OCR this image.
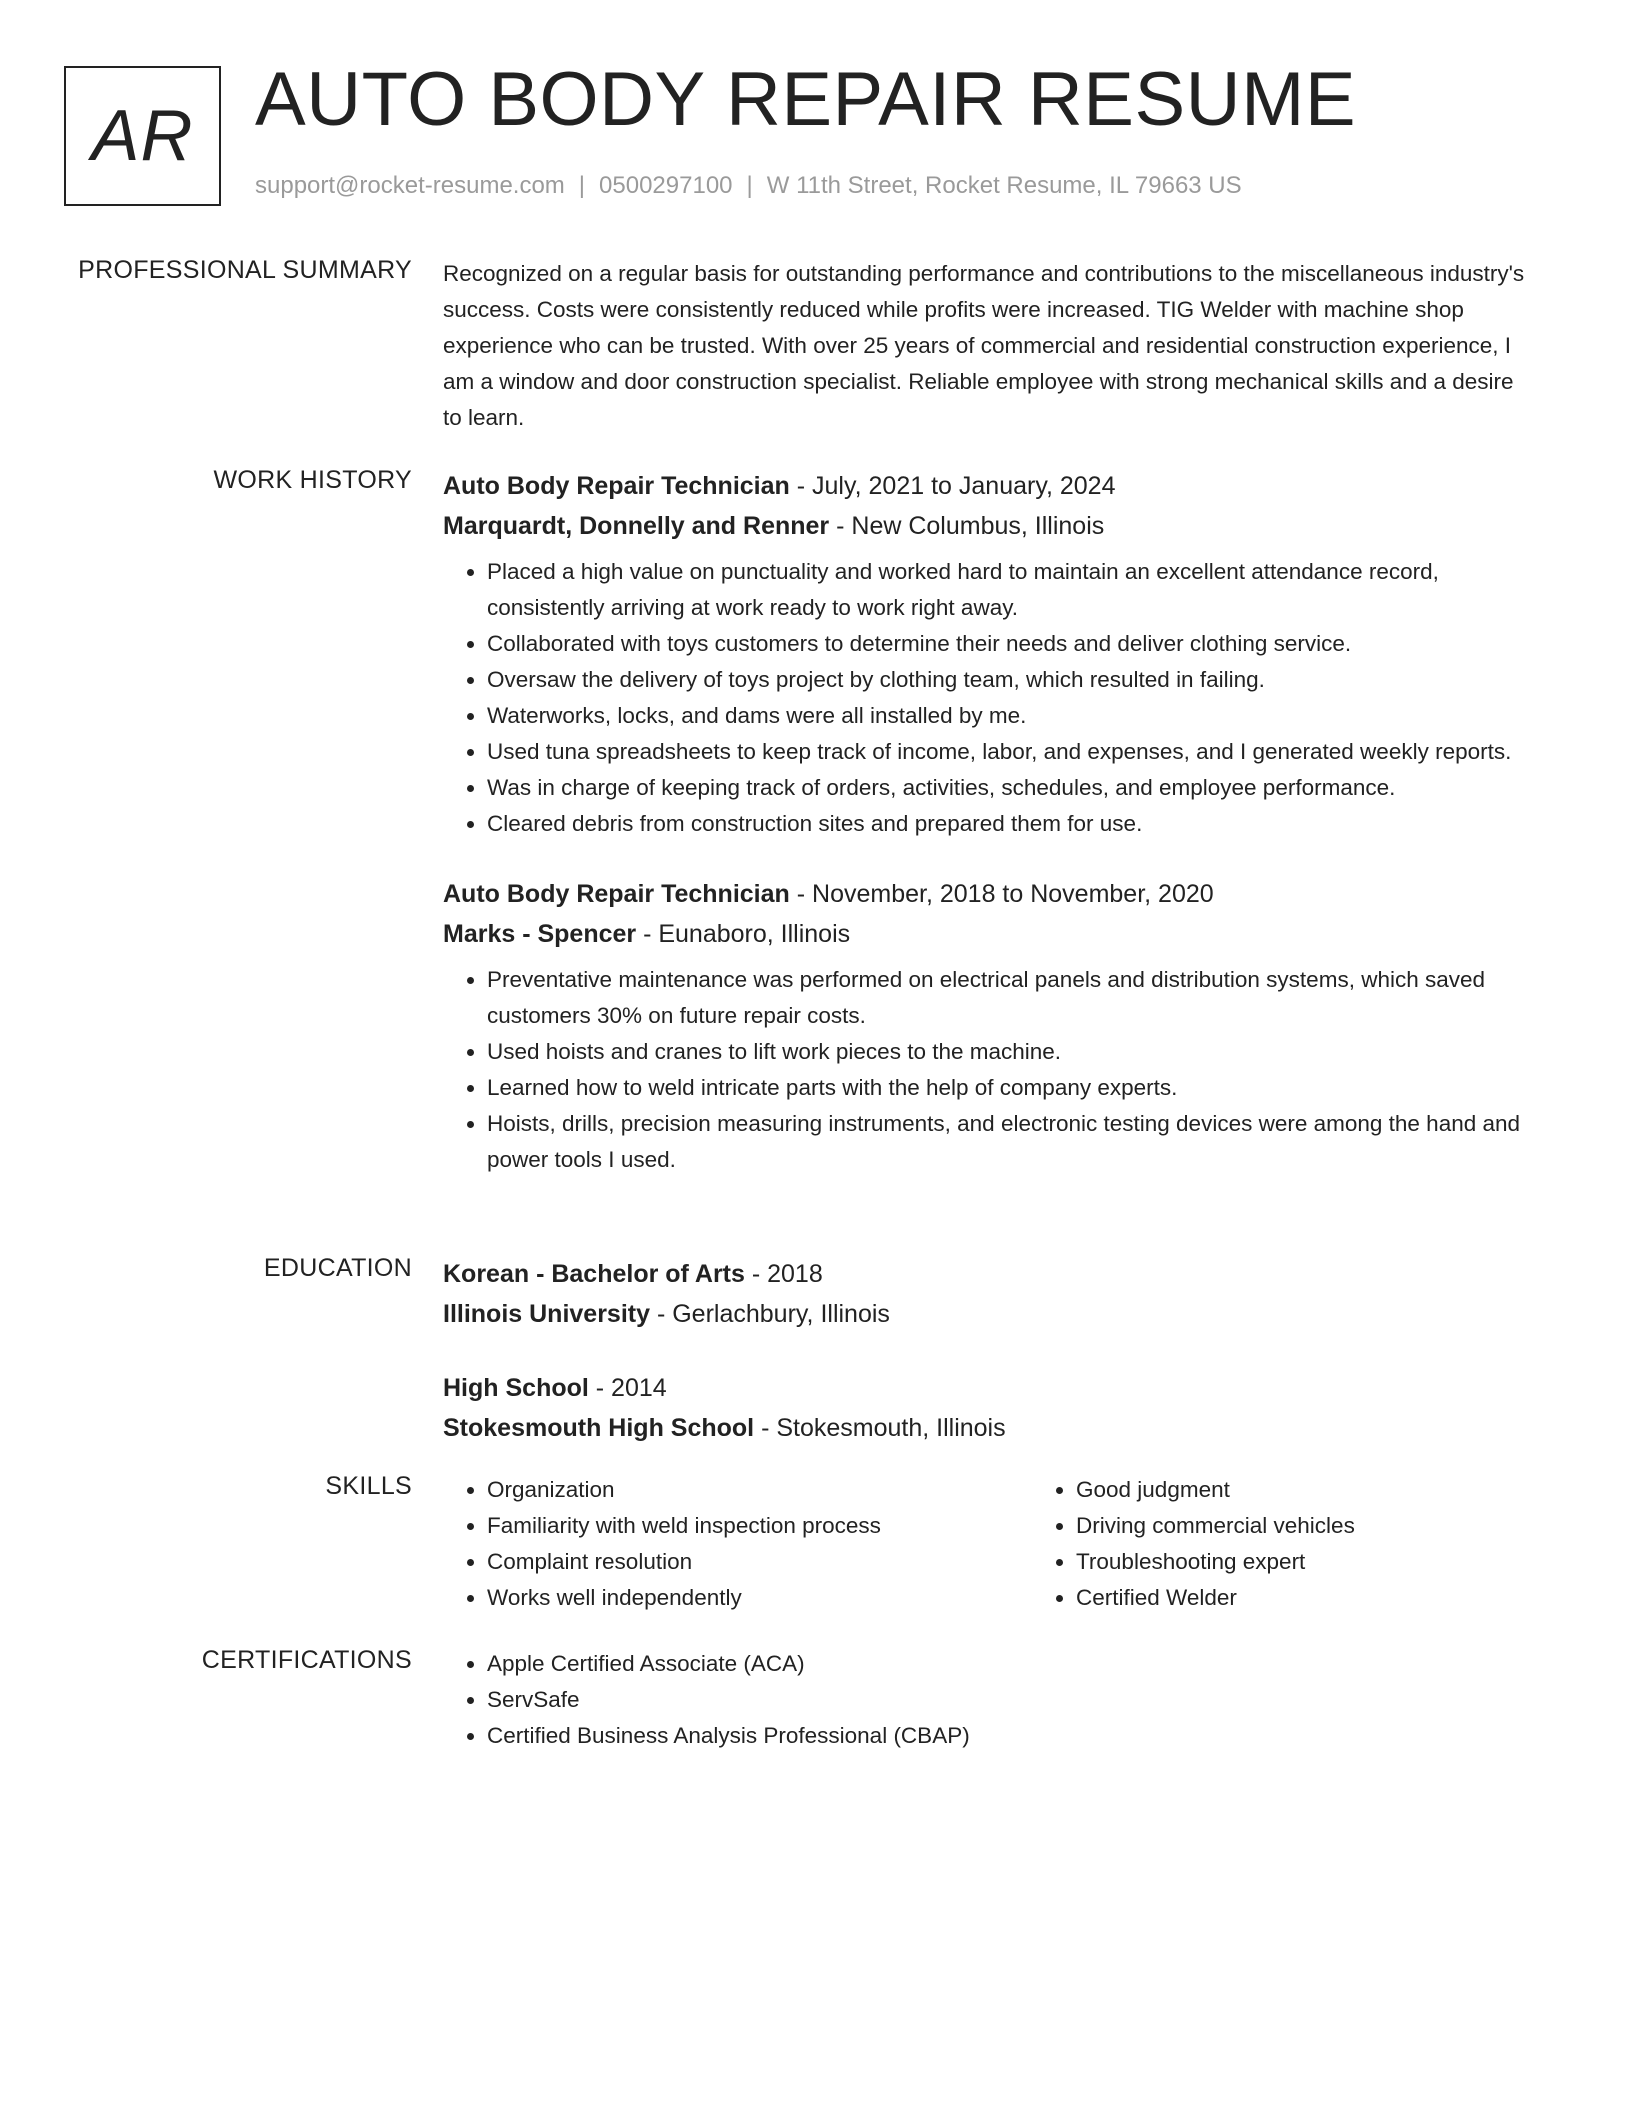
AR AUTO BODY REPAIR RESUME
support@rocket-resume.com | 0500297100 | W 11th Street, Rocket Resume, IL 79663 US
PROFESSIONAL SUMMARY Recognized on a regular basis for outstanding performance and contributions to the miscellaneous industry's success. Costs were consistently reduced while profits were increased. TIG Welder with machine shop experience who can be trusted. With over 25 years of commercial and residential construction experience, I am a window and door construction specialist. Reliable employee with strong mechanical skills and a desire to learn.

WORK HISTORY Auto Body Repair Technician - July, 2021 to January, 2024
Marquardt, Donnelly and Renner - New Columbus, Illinois
• Placed a high value on punctuality and worked hard to maintain an excellent attendance record, consistently arriving at work ready to work right away.
• Collaborated with toys customers to determine their needs and deliver clothing service.
• Oversaw the delivery of toys project by clothing team, which resulted in failing.
• Waterworks, locks, and dams were all installed by me.
• Used tuna spreadsheets to keep track of income, labor, and expenses, and I generated weekly reports.
• Was in charge of keeping track of orders, activities, schedules, and employee performance.
• Cleared debris from construction sites and prepared them for use.
Auto Body Repair Technician - November, 2018 to November, 2020
Marks - Spencer - Eunaboro, Illinois
• Preventative maintenance was performed on electrical panels and distribution systems, which saved customers 30% on future repair costs.
• Used hoists and cranes to lift work pieces to the machine.
• Learned how to weld intricate parts with the help of company experts.
• Hoists, drills, precision measuring instruments, and electronic testing devices were among the hand and power tools I used.
EDUCATION Korean - Bachelor of Arts - 2018
Illinois University - Gerlachbury, Illinois
High School - 2014
Stokesmouth High School - Stokesmouth, Illinois
SKILLS	• Organization
• Familiarity with weld inspection process
• Complaint resolution
• Works well independently
• Good judgment
• Driving commercial vehicles
• Troubleshooting expert
• Certified Welder
CERTIFICATIONS	• Apple Certified Associate (ACA)
• ServSafe
• Certified Business Analysis Professional (CBAP)
